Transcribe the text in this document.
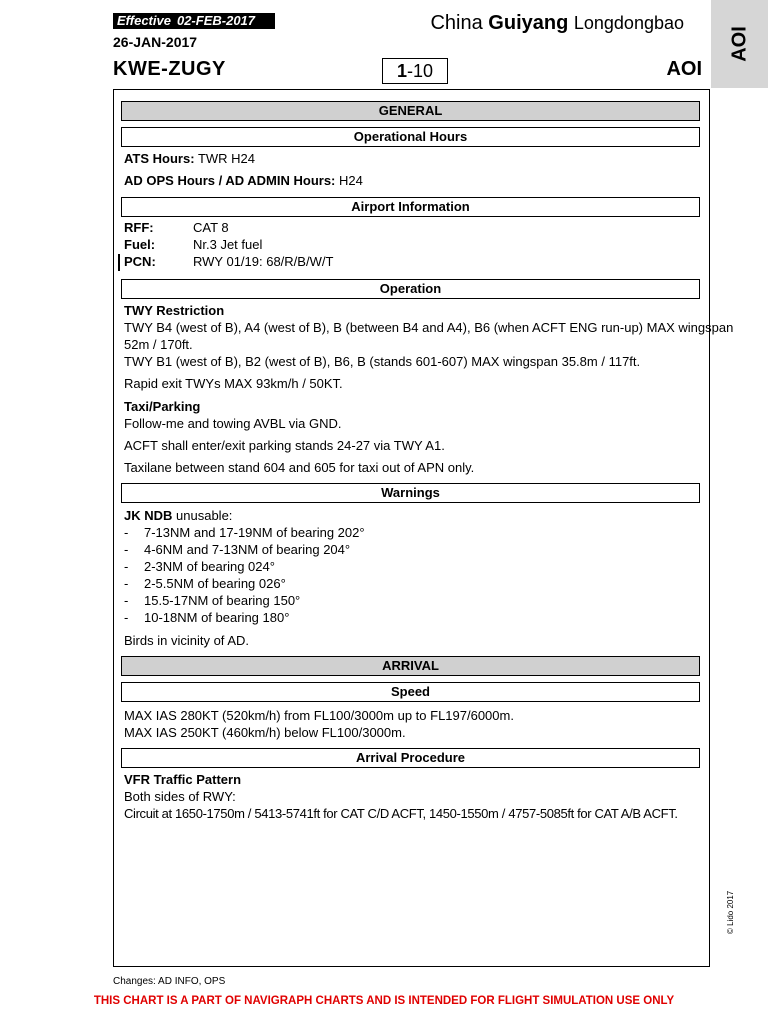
Effective 02-FEB-2017
26-JAN-2017
KWE-ZUGY
China Guiyang Longdongbao
1-10	AOI
AOI
GENERAL
Operational Hours
ATS Hours: TWR H24
AD OPS Hours / AD ADMIN Hours: H24
Airport Information
RFF:	CAT 8
Fuel:	Nr.3 Jet fuel
PCN:	RWY 01/19: 68/R/B/W/T
Operation
TWY Restriction
TWY B4 (west of B), A4 (west of B), B (between B4 and A4), B6 (when ACFT ENG run-up) MAX wingspan
52m / 170ft.
TWY B1 (west of B), B2 (west of B), B6, B (stands 601-607) MAX wingspan 35.8m / 117ft.
Rapid exit TWYs MAX 93km/h / 50KT.
Taxi/Parking
Follow-me and towing AVBL via GND.
ACFT shall enter/exit parking stands 24-27 via TWY A1.
Taxilane between stand 604 and 605 for taxi out of APN only.
Warnings
JK NDB unusable:
- 7-13NM and 17-19NM of bearing 202°
- 4-6NM and 7-13NM of bearing 204°
- 2-3NM of bearing 024°
- 2-5.5NM of bearing 026°
- 15.5-17NM of bearing 150°
- 10-18NM of bearing 180°
Birds in vicinity of AD.
ARRIVAL
Speed
MAX IAS 280KT (520km/h) from FL100/3000m up to FL197/6000m.
MAX IAS 250KT (460km/h) below FL100/3000m.
Arrival Procedure
VFR Traffic Pattern
Both sides of RWY:
Circuit at 1650-1750m / 5413-5741ft for CAT C/D ACFT, 1450-1550m / 4757-5085ft for CAT A/B ACFT.
© Lido 2017
Changes: AD INFO, OPS
THIS CHART IS A PART OF NAVIGRAPH CHARTS AND IS INTENDED FOR FLIGHT SIMULATION USE ONLY
